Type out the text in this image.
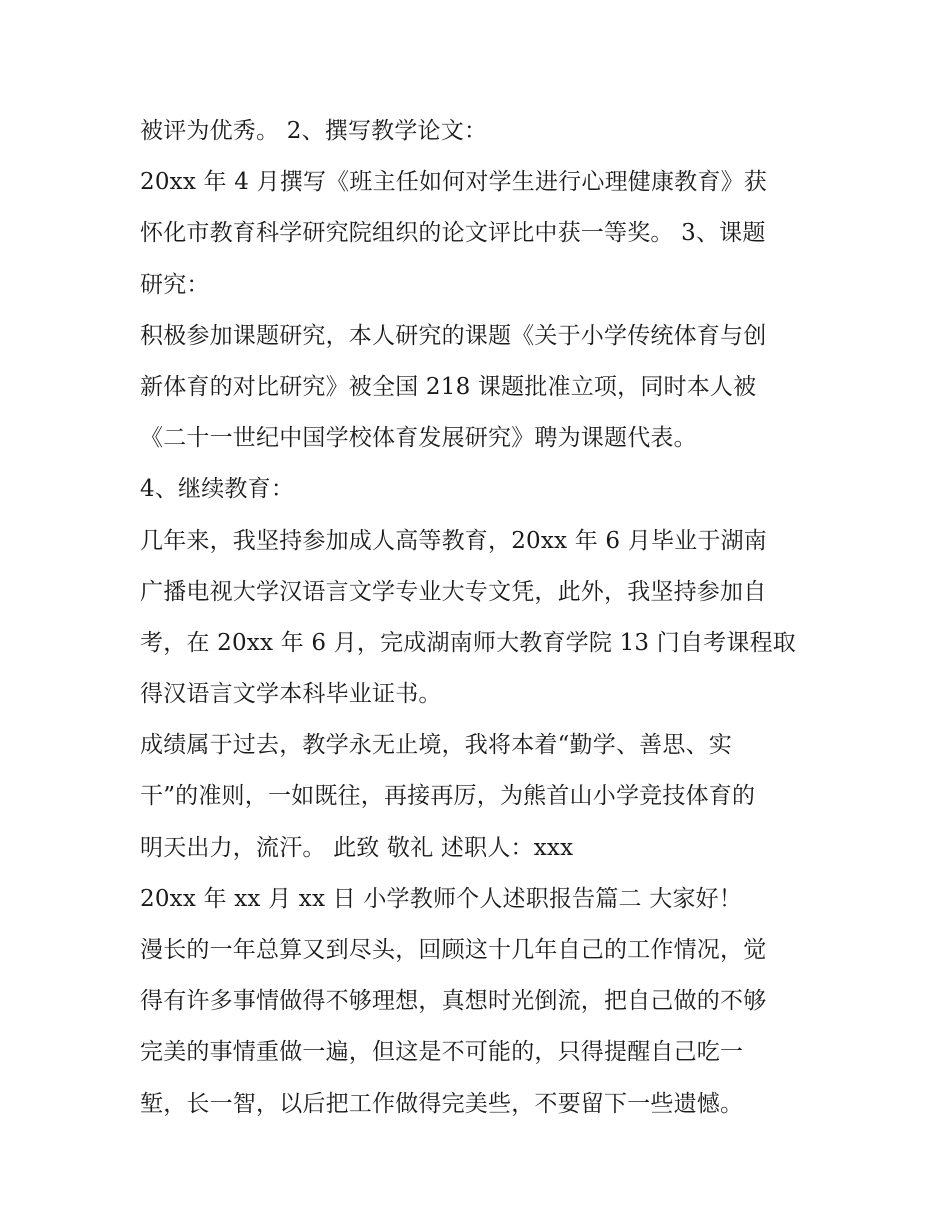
被评为优秀。 2、撰写教学论文：
20xx 年 4 月撰写《班主任如何对学生进行心理健康教育》获
怀化市教育科学研究院组织的论文评比中获一等奖。 3、课题
研究：
积极参加课题研究，本人研究的课题《关于小学传统体育与创
新体育的对比研究》被全国 218 课题批准立项，同时本人被
《二十一世纪中国学校体育发展研究》聘为课题代表。
4、继续教育：
几年来，我坚持参加成人高等教育，20xx 年 6 月毕业于湖南
广播电视大学汉语言文学专业大专文凭，此外，我坚持参加自
考，在 20xx 年 6 月，完成湖南师大教育学院 13 门自考课程取
得汉语言文学本科毕业证书。
成绩属于过去，教学永无止境，我将本着“勤学、善思、实
干”的准则，一如既往，再接再厉，为熊首山小学竞技体育的
明天出力，流汗。 此致 敬礼 述职人：xxx
20xx 年 xx 月 xx 日 小学教师个人述职报告篇二 大家好！
漫长的一年总算又到尽头，回顾这十几年自己的工作情况，觉
得有许多事情做得不够理想，真想时光倒流，把自己做的不够
完美的事情重做一遍，但这是不可能的，只得提醒自己吃一
堑，长一智，以后把工作做得完美些，不要留下一些遗憾。
